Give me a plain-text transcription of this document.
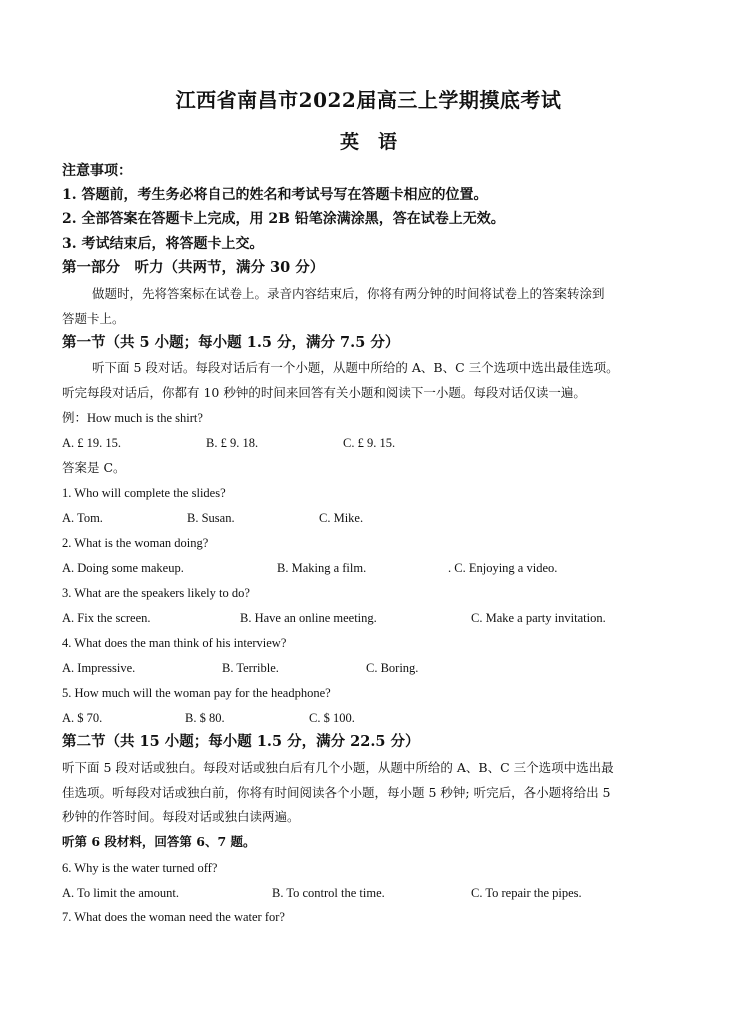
江西省南昌市2022届高三上学期摸底考试
英　语
注意事项：
1. 答题前，考生务必将自己的姓名和考试号写在答题卡相应的位置。
2. 全部答案在答题卡上完成，用 2B 铅笔涂满涂黑，答在试卷上无效。
3. 考试结束后，将答题卡上交。
第一部分　听力（共两节，满分 30 分）
做题时，先将答案标在试卷上。录音内容结束后，你将有两分钟的时间将试卷上的答案转涂到
答题卡上。
第一节（共 5 小题；每小题 1.5 分，满分 7.5 分）
听下面 5 段对话。每段对话后有一个小题，从题中所给的 A、B、C 三个选项中选出最佳选项。
听完每段对话后，你都有 10 秒钟的时间来回答有关小题和阅读下一小题。每段对话仅读一遍。
例：How much is the shirt?
A. £ 19. 15.	B. £ 9. 18.	C. £ 9. 15.
答案是 C。
1. Who will complete the slides?
A. Tom.	B. Susan.	C. Mike.
2. What is the woman doing?
A. Doing some makeup.	B. Making a film.	. C. Enjoying a video.
3. What are the speakers likely to do?
A. Fix the screen.	B. Have an online meeting.	C. Make a party invitation.
4. What does the man think of his interview?
A. Impressive.	B. Terrible.	C. Boring.
5. How much will the woman pay for the headphone?
A. $ 70.	B. $ 80.	C. $ 100.
第二节（共 15 小题；每小题 1.5 分，满分 22.5 分）
听下面 5 段对话或独白。每段对话或独白后有几个小题，从题中所给的 A、B、C 三个选项中选出最
佳选项。听每段对话或独白前，你将有时间阅读各个小题，每小题 5 秒钟; 听完后，各小题将给出 5
秒钟的作答时间。每段对话或独白读两遍。
听第 6 段材料，回答第 6、7 题。
6. Why is the water turned off?
A. To limit the amount.	B. To control the time.	C. To repair the pipes.
7. What does the woman need the water for?
